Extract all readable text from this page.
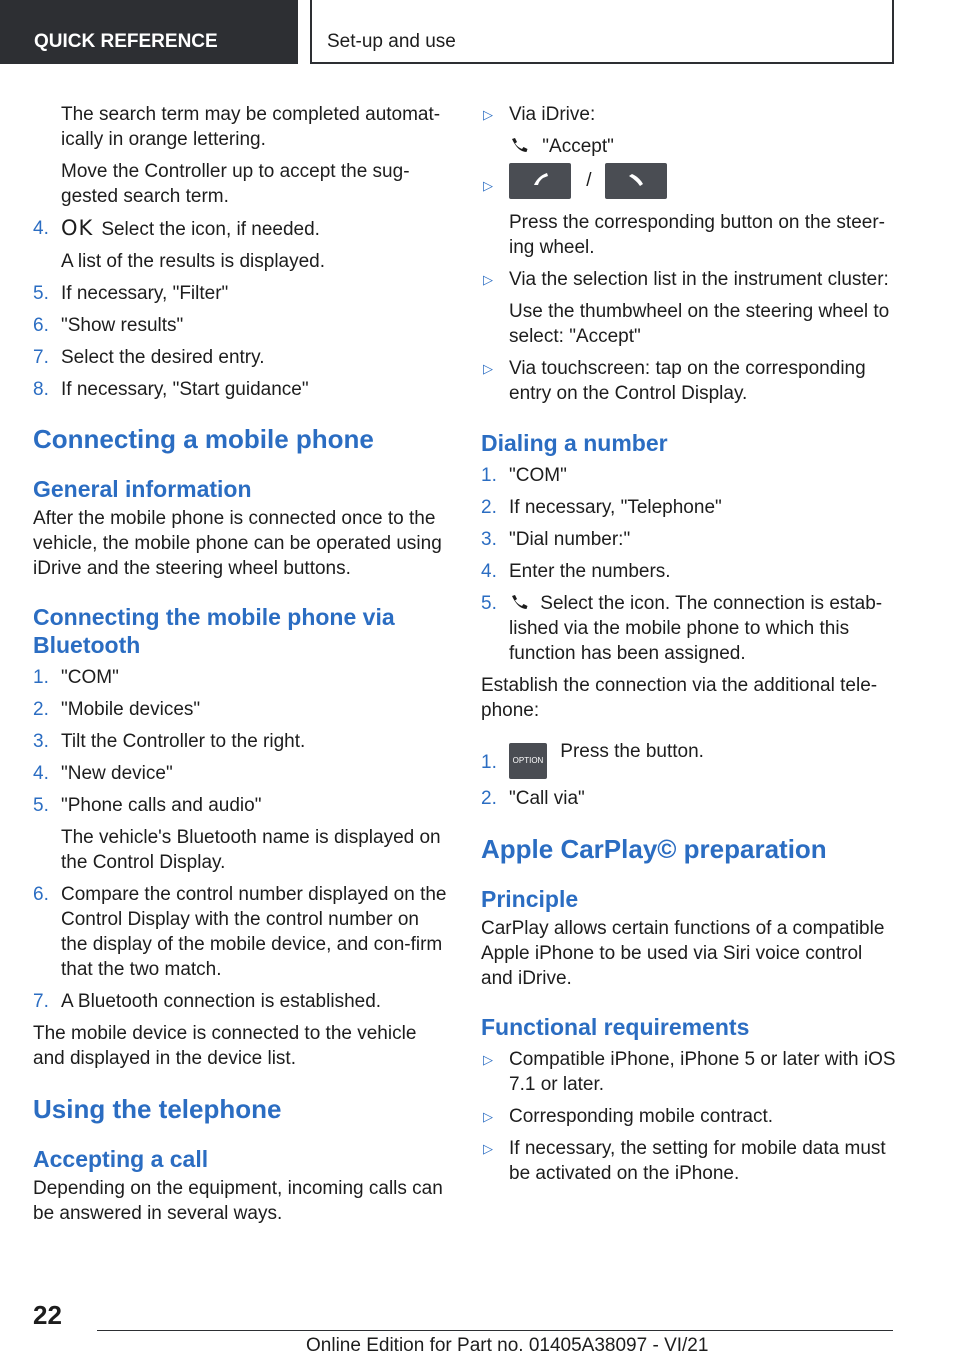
QUICK REFERENCE	Set-up and use

The search term may be completed automat‐ically in orange lettering.

Move the Controller up to accept the sug‐gested search term.

4. OK Select the icon, if needed.

A list of the results is displayed.

5. If necessary, "Filter"
6. "Show results"
7. Select the desired entry.
8. If necessary, "Start guidance"

Connecting a mobile phone

General information

After the mobile phone is connected once to the vehicle, the mobile phone can be operated using iDrive and the steering wheel buttons.

Connecting the mobile phone via Bluetooth

1. "COM"
2. "Mobile devices"
3. Tilt the Controller to the right.
4. "New device"
5. "Phone calls and audio"

The vehicle's Bluetooth name is displayed on the Control Display.

6. Compare the control number displayed on the Control Display with the control number on the display of the mobile device, and con‐firm that the two match.
7. A Bluetooth connection is established.

The mobile device is connected to the vehicle and displayed in the device list.

Using the telephone

Accepting a call

Depending on the equipment, incoming calls can be answered in several ways.

▷ Via iDrive:

"Accept"

▷	/

Press the corresponding button on the steer‐ing wheel.

▷ Via the selection list in the instrument cluster:

Use the thumbwheel on the steering wheel to select: "Accept"

▷ Via touchscreen: tap on the corresponding entry on the Control Display.

Dialing a number

1. "COM"
2. If necessary, "Telephone"
3. "Dial number:"
4. Enter the numbers.
5. Select the icon. The connection is estab‐lished via the mobile phone to which this function has been assigned.

Establish the connection via the additional tele‐phone:

1. OPTION Press the button.
2. "Call via"

Apple CarPlay© preparation

Principle

CarPlay allows certain functions of a compatible Apple iPhone to be used via Siri voice control and iDrive.

Functional requirements

▷ Compatible iPhone, iPhone 5 or later with iOS 7.1 or later.
▷ Corresponding mobile contract.
▷ If necessary, the setting for mobile data must be activated on the iPhone.
22
Online Edition for Part no. 01405A38097 - VI/21
